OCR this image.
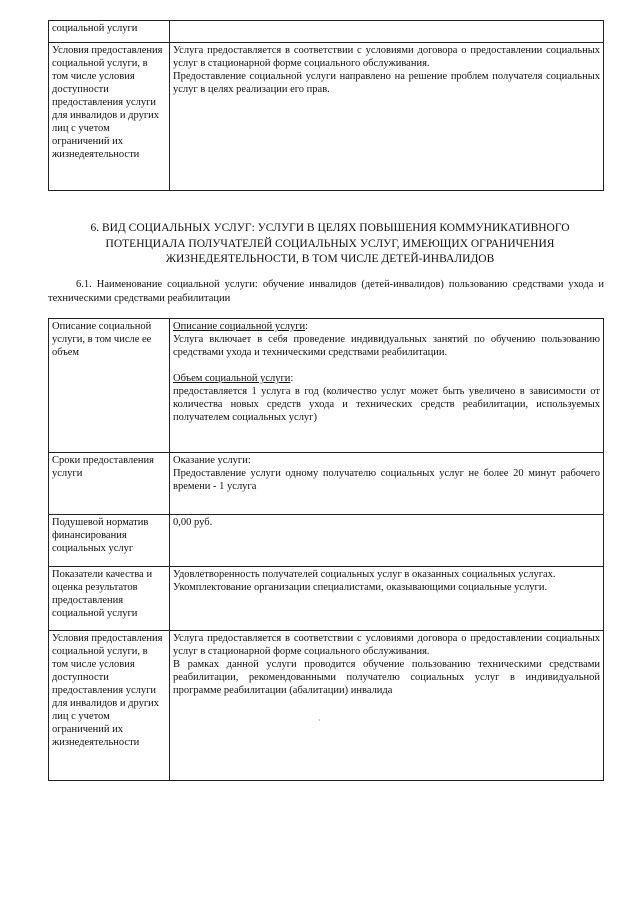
социальной услуги	
Условия предоставления социальной услуги, в том числе условия доступности предоставления услуги для инвалидов и других лиц с учетом ограничений их жизнедеятельности	Услуга предоставляется в соответствии с условиями договора о предоставлении социальных услуг в стационарной форме социального обслуживания.

Предоставление социальной услуги направлено на решение проблем получателя социальных услуг в целях реализации его прав.

6. ВИД СОЦИАЛЬНЫХ УСЛУГ: УСЛУГИ В ЦЕЛЯХ ПОВЫШЕНИЯ КОММУНИКАТИВНОГО ПОТЕНЦИАЛА ПОЛУЧАТЕЛЕЙ СОЦИАЛЬНЫХ УСЛУГ, ИМЕЮЩИХ ОГРАНИЧЕНИЯ ЖИЗНЕДЕЯТЕЛЬНОСТИ, В ТОМ ЧИСЛЕ ДЕТЕЙ-ИНВАЛИДОВ
6.1. Наименование социальной услуги: обучение инвалидов (детей-инвалидов) пользованию средствами ухода и техническими средствами реабилитации
Описание социальной услуги, в том числе ее объем	Описание социальной услуги:

Услуга включает в себя проведение индивидуальных занятий по обучению пользованию средствами ухода и техническими средствами реабилитации.

Объем социальной услуги:

предоставляется 1 услуга в год (количество услуг может быть увеличено в зависимости от количества новых средств ухода и технических средств реабилитации, используемых получателем социальных услуг)

Сроки предоставления услуги	Оказание услуги:

Предоставление услуги одному получателю социальных услуг не более 20 минут рабочего времени - 1 услуга

Подушевой норматив финансирования социальных услуг	0,00 руб.
Показатели качества и оценка результатов предоставления социальной услуги	Удовлетворенность получателей социальных услуг в оказанных социальных услугах.

Укомплектование организации специалистами, оказывающими социальные услуги.

Условия предоставления социальной услуги, в том числе условия доступности предоставления услуги для инвалидов и других лиц с учетом ограничений их жизнедеятельности	Услуга предоставляется в соответствии с условиями договора о предоставлении социальных услуг в стационарной форме социального обслуживания.

В рамках данной услуги проводится обучение пользованию техническими средствами реабилитации, рекомендованными получателю социальных услуг в индивидуальной программе реабилитации (абалитации) инвалида

·
